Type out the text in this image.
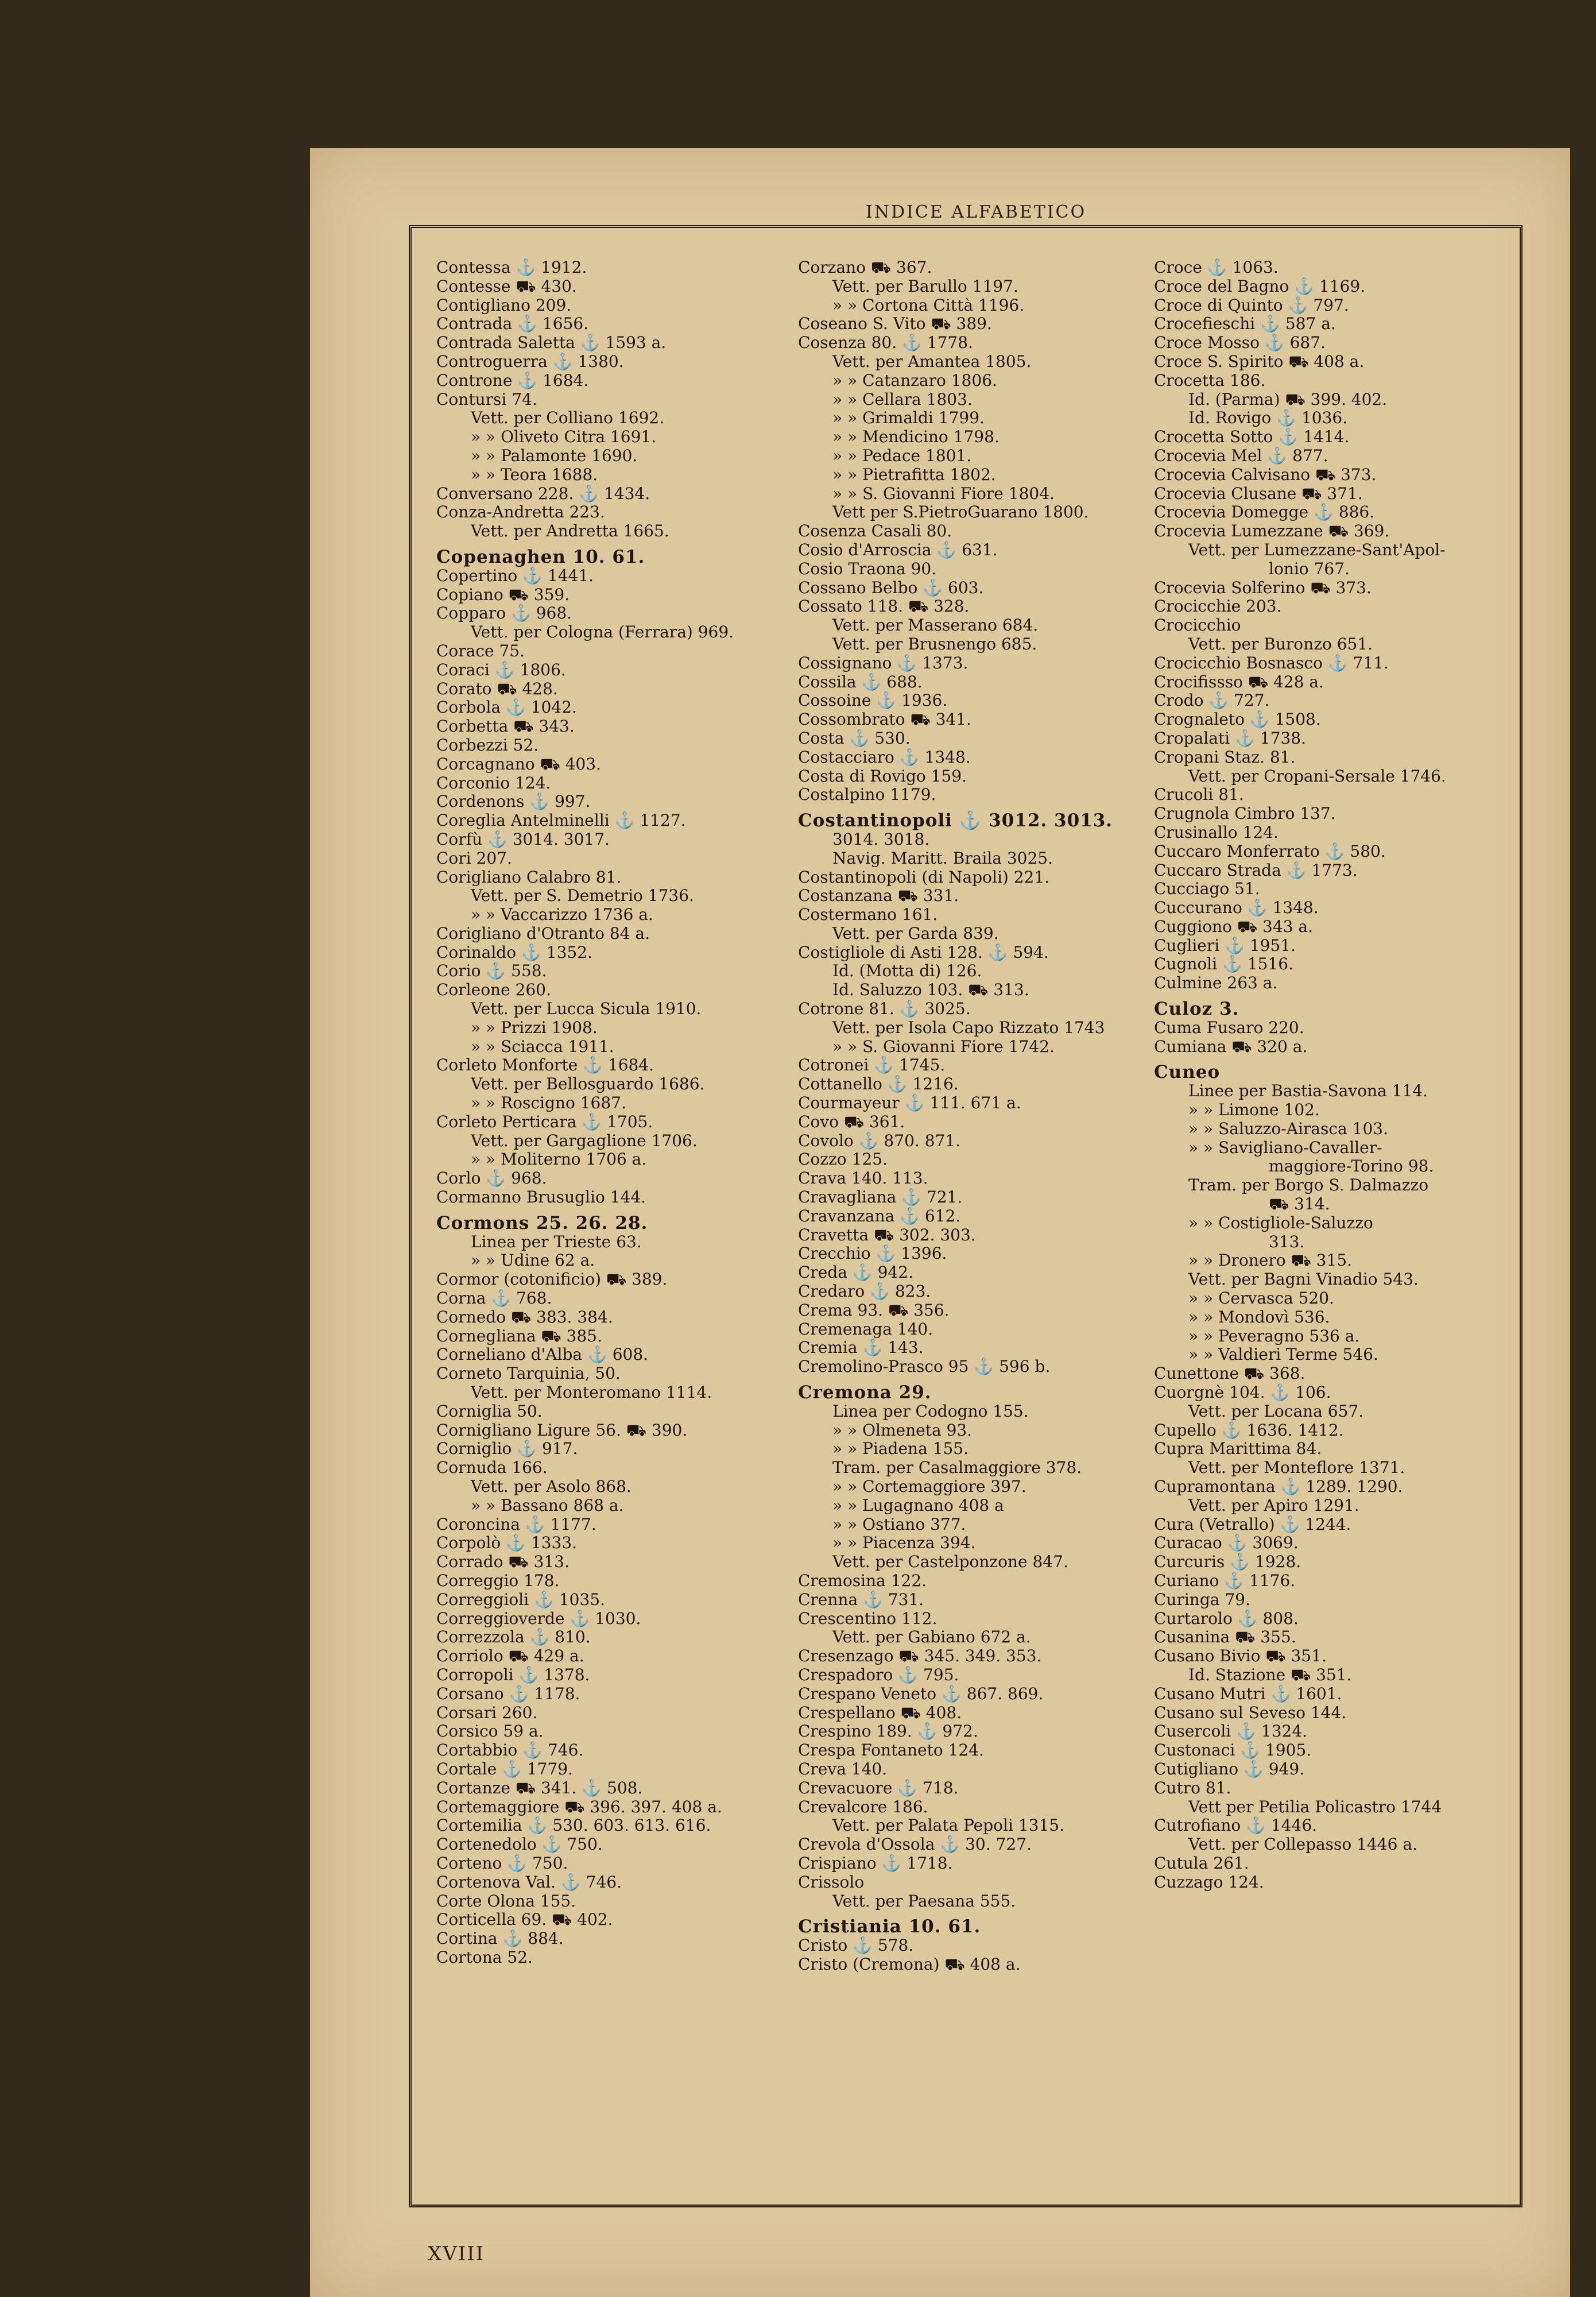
INDICE ALFABETICO
Contessa ⚓ 1912.
Contesse ⛟ 430.
Contigliano 209.
Contrada ⚓ 1656.
Contrada Saletta ⚓ 1593 a.
Controguerra ⚓ 1380.
Controne ⚓ 1684.
Contursi 74.
Vett. per Colliano 1692.
» » Oliveto Citra 1691.
» » Palamonte 1690.
» » Teora 1688.
Conversano 228. ⚓ 1434.
Conza-Andretta 223.
Vett. per Andretta 1665.
Copenaghen 10. 61.
Copertino ⚓ 1441.
Copiano ⛟ 359.
Copparo ⚓ 968.
Vett. per Cologna (Ferrara) 969.
Corace 75.
Coraci ⚓ 1806.
Corato ⛟ 428.
Corbola ⚓ 1042.
Corbetta ⛟ 343.
Corbezzi 52.
Corcagnano ⛟ 403.
Corconio 124.
Cordenons ⚓ 997.
Coreglia Antelminelli ⚓ 1127.
Corfù ⚓ 3014. 3017.
Cori 207.
Corigliano Calabro 81.
Vett. per S. Demetrio 1736.
» » Vaccarizzo 1736 a.
Corigliano d'Otranto 84 a.
Corinaldo ⚓ 1352.
Corio ⚓ 558.
Corleone 260.
Vett. per Lucca Sicula 1910.
» » Prizzi 1908.
» » Sciacca 1911.
Corleto Monforte ⚓ 1684.
Vett. per Bellosguardo 1686.
» » Roscigno 1687.
Corleto Perticara ⚓ 1705.
Vett. per Gargaglione 1706.
» » Moliterno 1706 a.
Corlo ⚓ 968.
Cormanno Brusuglio 144.
Cormons 25. 26. 28.
Linea per Trieste 63.
» » Udine 62 a.
Cormor (cotonificio) ⛟ 389.
Corna ⚓ 768.
Cornedo ⛟ 383. 384.
Cornegliana ⛟ 385.
Corneliano d'Alba ⚓ 608.
Corneto Tarquinia, 50.
Vett. per Monteromano 1114.
Corniglia 50.
Cornigliano Ligure 56. ⛟ 390.
Corniglio ⚓ 917.
Cornuda 166.
Vett. per Asolo 868.
» » Bassano 868 a.
Coroncina ⚓ 1177.
Corpolò ⚓ 1333.
Corrado ⛟ 313.
Correggio 178.
Correggioli ⚓ 1035.
Correggioverde ⚓ 1030.
Correzzola ⚓ 810.
Corriolo ⛟ 429 a.
Corropoli ⚓ 1378.
Corsano ⚓ 1178.
Corsari 260.
Corsico 59 a.
Cortabbio ⚓ 746.
Cortale ⚓ 1779.
Cortanze ⛟ 341. ⚓ 508.
Cortemaggiore ⛟ 396. 397. 408 a.
Cortemilia ⚓ 530. 603. 613. 616.
Cortenedolo ⚓ 750.
Corteno ⚓ 750.
Cortenova Val. ⚓ 746.
Corte Olona 155.
Corticella 69. ⛟ 402.
Cortina ⚓ 884.
Cortona 52.
Corzano ⛟ 367.
Vett. per Barullo 1197.
» » Cortona Città 1196.
Coseano S. Vito ⛟ 389.
Cosenza 80. ⚓ 1778.
Vett. per Amantea 1805.
» » Catanzaro 1806.
» » Cellara 1803.
» » Grimaldi 1799.
» » Mendicino 1798.
» » Pedace 1801.
» » Pietrafitta 1802.
» » S. Giovanni Fiore 1804.
Vett per S.PietroGuarano 1800.
Cosenza Casali 80.
Cosio d'Arroscia ⚓ 631.
Cosio Traona 90.
Cossano Belbo ⚓ 603.
Cossato 118. ⛟ 328.
Vett. per Masserano 684.
Vett. per Brusnengo 685.
Cossignano ⚓ 1373.
Cossila ⚓ 688.
Cossoine ⚓ 1936.
Cossombrato ⛟ 341.
Costa ⚓ 530.
Costacciaro ⚓ 1348.
Costa di Rovigo 159.
Costalpino 1179.
Costantinopoli ⚓ 3012. 3013.
3014. 3018.
Navig. Maritt. Braila 3025.
Costantinopoli (di Napoli) 221.
Costanzana ⛟ 331.
Costermano 161.
Vett. per Garda 839.
Costigliole di Asti 128. ⚓ 594.
Id. (Motta di) 126.
Id. Saluzzo 103. ⛟ 313.
Cotrone 81. ⚓ 3025.
Vett. per Isola Capo Rizzato 1743
» » S. Giovanni Fiore 1742.
Cotronei ⚓ 1745.
Cottanello ⚓ 1216.
Courmayeur ⚓ 111. 671 a.
Covo ⛟ 361.
Covolo ⚓ 870. 871.
Cozzo 125.
Crava 140. 113.
Cravagliana ⚓ 721.
Cravanzana ⚓ 612.
Cravetta ⛟ 302. 303.
Crecchio ⚓ 1396.
Creda ⚓ 942.
Credaro ⚓ 823.
Crema 93. ⛟ 356.
Cremenaga 140.
Cremia ⚓ 143.
Cremolino-Prasco 95 ⚓ 596 b.
Cremona 29.
Linea per Codogno 155.
» » Olmeneta 93.
» » Piadena 155.
Tram. per Casalmaggiore 378.
» » Cortemaggiore 397.
» » Lugagnano 408 a
» » Ostiano 377.
» » Piacenza 394.
Vett. per Castelponzone 847.
Cremosina 122.
Crenna ⚓ 731.
Crescentino 112.
Vett. per Gabiano 672 a.
Cresenzago ⛟ 345. 349. 353.
Crespadoro ⚓ 795.
Crespano Veneto ⚓ 867. 869.
Crespellano ⛟ 408.
Crespino 189. ⚓ 972.
Crespa Fontaneto 124.
Creva 140.
Crevacuore ⚓ 718.
Crevalcore 186.
Vett. per Palata Pepoli 1315.
Crevola d'Ossola ⚓ 30. 727.
Crispiano ⚓ 1718.
Crissolo
Vett. per Paesana 555.
Cristiania 10. 61.
Cristo ⚓ 578.
Cristo (Cremona) ⛟ 408 a.
Croce ⚓ 1063.
Croce del Bagno ⚓ 1169.
Croce di Quinto ⚓ 797.
Crocefieschi ⚓ 587 a.
Croce Mosso ⚓ 687.
Croce S. Spirito ⛟ 408 a.
Crocetta 186.
Id. (Parma) ⛟ 399. 402.
Id. Rovigo ⚓ 1036.
Crocetta Sotto ⚓ 1414.
Crocevia Mel ⚓ 877.
Crocevia Calvisano ⛟ 373.
Crocevia Clusane ⛟ 371.
Crocevia Domegge ⚓ 886.
Crocevia Lumezzane ⛟ 369.
Vett. per Lumezzane-Sant'Apol-
lonio 767.
Crocevia Solferino ⛟ 373.
Crocicchie 203.
Crocicchio
Vett. per Buronzo 651.
Crocicchio Bosnasco ⚓ 711.
Crocifissso ⛟ 428 a.
Crodo ⚓ 727.
Crognaleto ⚓ 1508.
Cropalati ⚓ 1738.
Cropani Staz. 81.
Vett. per Cropani-Sersale 1746.
Crucoli 81.
Crugnola Cimbro 137.
Crusinallo 124.
Cuccaro Monferrato ⚓ 580.
Cuccaro Strada ⚓ 1773.
Cucciago 51.
Cuccurano ⚓ 1348.
Cuggiono ⛟ 343 a.
Cuglieri ⚓ 1951.
Cugnoli ⚓ 1516.
Culmine 263 a.
Culoz 3.
Cuma Fusaro 220.
Cumiana ⛟ 320 a.
Cuneo
Linee per Bastia-Savona 114.
» » Limone 102.
» » Saluzzo-Airasca 103.
» » Savigliano-Cavaller-
maggiore-Torino 98.
Tram. per Borgo S. Dalmazzo
⛟ 314.
» » Costigliole-Saluzzo
313.
» » Dronero ⛟ 315.
Vett. per Bagni Vinadio 543.
» » Cervasca 520.
» » Mondovì 536.
» » Peveragno 536 a.
» » Valdieri Terme 546.
Cunettone ⛟ 368.
Cuorgnè 104. ⚓ 106.
Vett. per Locana 657.
Cupello ⚓ 1636. 1412.
Cupra Marittima 84.
Vett. per Monteflore 1371.
Cupramontana ⚓ 1289. 1290.
Vett. per Apiro 1291.
Cura (Vetrallo) ⚓ 1244.
Curacao ⚓ 3069.
Curcuris ⚓ 1928.
Curiano ⚓ 1176.
Curinga 79.
Curtarolo ⚓ 808.
Cusanina ⛟ 355.
Cusano Bivio ⛟ 351.
Id. Stazione ⛟ 351.
Cusano Mutri ⚓ 1601.
Cusano sul Seveso 144.
Cusercoli ⚓ 1324.
Custonaci ⚓ 1905.
Cutigliano ⚓ 949.
Cutro 81.
Vett per Petilia Policastro 1744
Cutrofiano ⚓ 1446.
Vett. per Collepasso 1446 a.
Cutula 261.
Cuzzago 124.
XVIII
